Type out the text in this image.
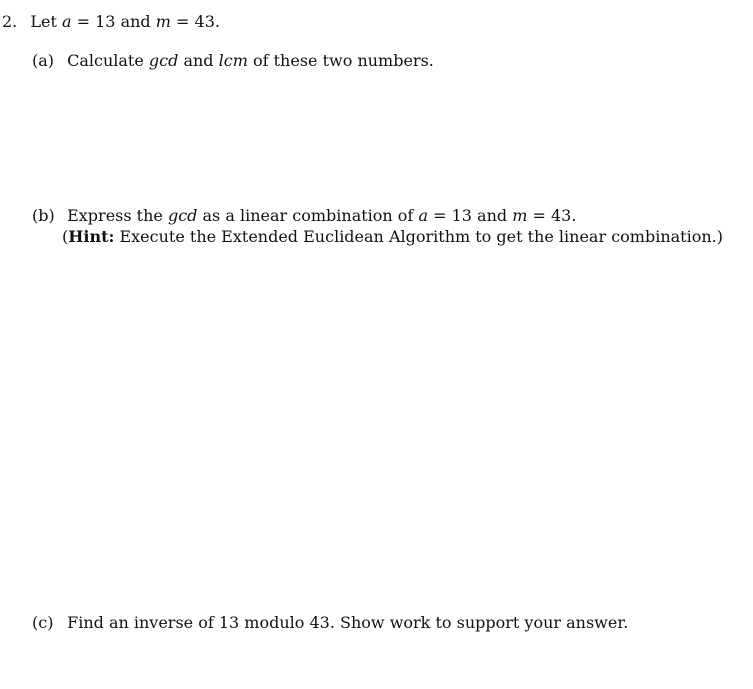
2. Let a = 13 and m = 43.
(a) Calculate gcd and lcm of these two numbers.
(b) Express the gcd as a linear combination of a = 13 and m = 43.
(Hint: Execute the Extended Euclidean Algorithm to get the linear combination.)
(c) Find an inverse of 13 modulo 43. Show work to support your answer.
